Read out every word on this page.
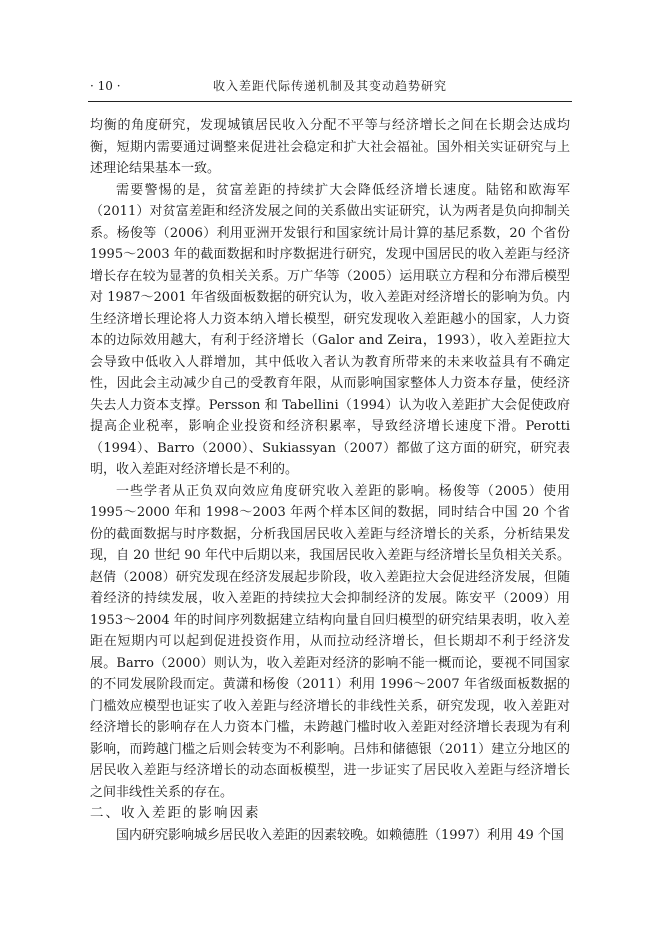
· 10 ·	收入差距代际传递机制及其变动趋势研究

均衡的角度研究，发现城镇居民收入分配不平等与经济增长之间在长期会达成均衡，短期内需要通过调整来促进社会稳定和扩大社会福祉。国外相关实证研究与上述理论结果基本一致。

需要警惕的是，贫富差距的持续扩大会降低经济增长速度。陆铭和欧海军（2011）对贫富差距和经济发展之间的关系做出实证研究，认为两者是负向抑制关系。杨俊等（2006）利用亚洲开发银行和国家统计局计算的基尼系数，20 个省份 1995～2003 年的截面数据和时序数据进行研究，发现中国居民的收入差距与经济增长存在较为显著的负相关关系。万广华等（2005）运用联立方程和分布滞后模型对 1987～2001 年省级面板数据的研究认为，收入差距对经济增长的影响为负。内生经济增长理论将人力资本纳入增长模型，研究发现收入差距越小的国家，人力资本的边际效用越大，有利于经济增长（Galor and Zeira，1993），收入差距拉大会导致中低收入人群增加，其中低收入者认为教育所带来的未来收益具有不确定性，因此会主动减少自己的受教育年限，从而影响国家整体人力资本存量，使经济失去人力资本支撑。Persson 和 Tabellini（1994）认为收入差距扩大会促使政府提高企业税率，影响企业投资和经济积累率，导致经济增长速度下滑。Perotti（1994）、Barro（2000）、Sukiassyan（2007）都做了这方面的研究，研究表明，收入差距对经济增长是不利的。

一些学者从正负双向效应角度研究收入差距的影响。杨俊等（2005）使用 1995～2000 年和 1998～2003 年两个样本区间的数据，同时结合中国 20 个省份的截面数据与时序数据，分析我国居民收入差距与经济增长的关系，分析结果发现，自 20 世纪 90 年代中后期以来，我国居民收入差距与经济增长呈负相关关系。赵倩（2008）研究发现在经济发展起步阶段，收入差距拉大会促进经济发展，但随着经济的持续发展，收入差距的持续拉大会抑制经济的发展。陈安平（2009）用 1953～2004 年的时间序列数据建立结构向量自回归模型的研究结果表明，收入差距在短期内可以起到促进投资作用，从而拉动经济增长，但长期却不利于经济发展。Barro（2000）则认为，收入差距对经济的影响不能一概而论，要视不同国家的不同发展阶段而定。黄潇和杨俊（2011）利用 1996～2007 年省级面板数据的门槛效应模型也证实了收入差距与经济增长的非线性关系，研究发现，收入差距对经济增长的影响存在人力资本门槛，未跨越门槛时收入差距对经济增长表现为有利影响，而跨越门槛之后则会转变为不利影响。吕炜和储德银（2011）建立分地区的居民收入差距与经济增长的动态面板模型，进一步证实了居民收入差距与经济增长之间非线性关系的存在。

二、收入差距的影响因素

国内研究影响城乡居民收入差距的因素较晚。如赖德胜（1997）利用 49 个国
